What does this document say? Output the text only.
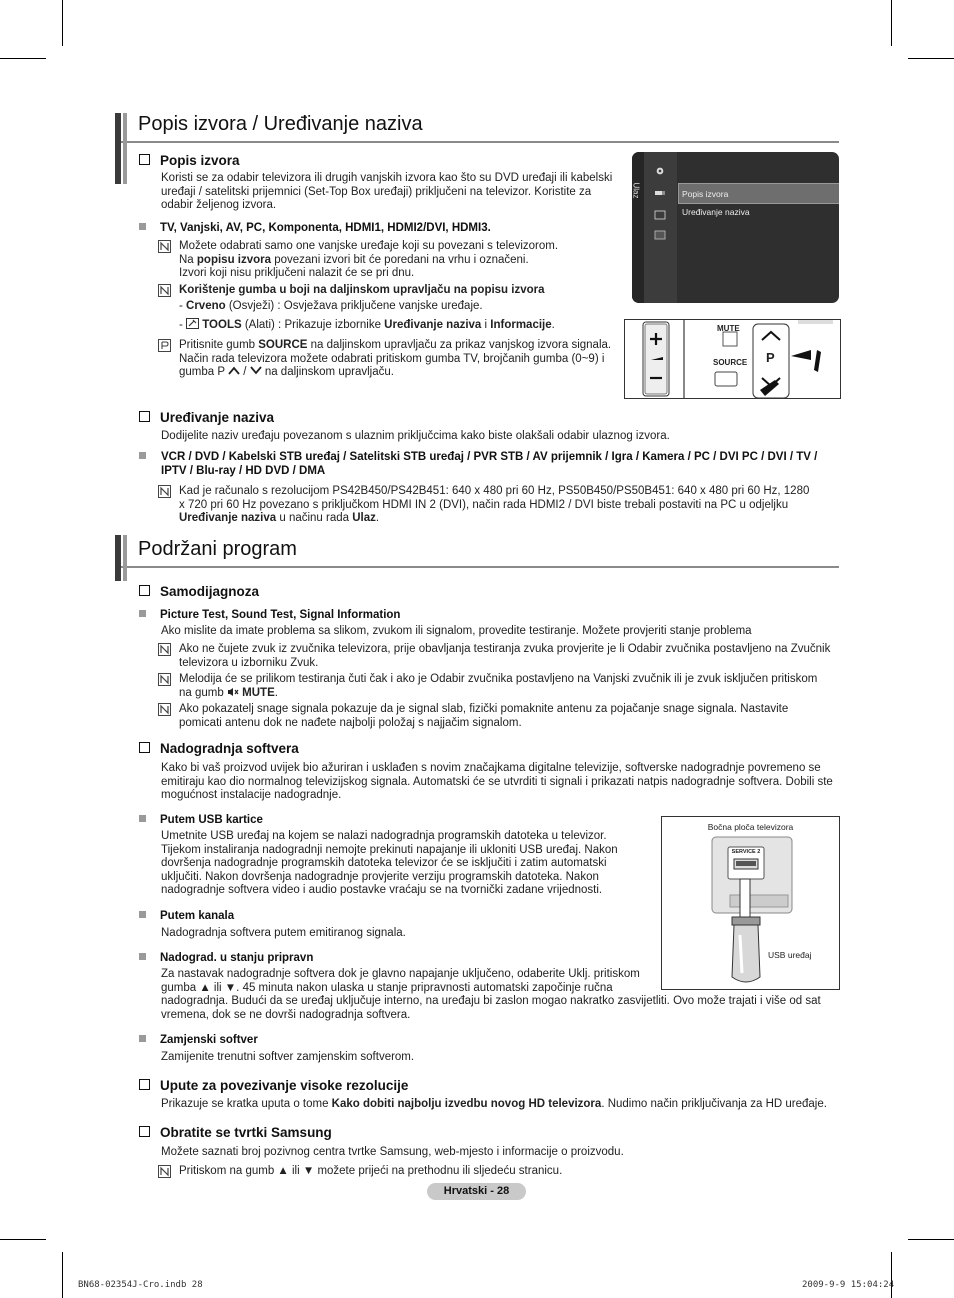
Popis izvora / Uređivanje naziva
Popis izvora
Koristi se za odabir televizora ili drugih vanjskih izvora kao što su DVD uređaji ili kabelski uređaji / satelitski prijemnici (Set-Top Box uređaji) priključeni na televizor. Koristite za odabir željenog izvora.
TV, Vanjski, AV, PC, Komponenta, HDMI1, HDMI2/DVI, HDMI3.
Možete odabrati samo one vanjske uređaje koji su povezani s televizorom.
Na popisu izvora povezani izvori bit će poredani na vrhu i označeni.
Izvori koji nisu priključeni nalazit će se pri dnu.
Korištenje gumba u boji na daljinskom upravljaču na popisu izvora
- Crveno (Osvježi) : Osvježava priključene vanjske uređaje.
-  TOOLS (Alati) : Prikazuje izbornike Uređivanje naziva i Informacije.
Pritisnite gumb SOURCE na daljinskom upravljaču za prikaz vanjskog izvora signala.
Način rada televizora možete odabrati pritiskom gumba TV, brojčanih gumba (0~9) i gumba P  /  na daljinskom upravljaču.
Ulaz	Popis izvora
Uređivanje naziva
MUTE
SOURCE P
Uređivanje naziva
Dodijelite naziv uređaju povezanom s ulaznim priključcima kako biste olakšali odabir ulaznog izvora.
VCR / DVD / Kabelski STB uređaj / Satelitski STB uređaj / PVR STB / AV prijemnik / Igra / Kamera / PC / DVI PC / DVI / TV / IPTV / Blu-ray / HD DVD / DMA
Kad je računalo s rezolucijom PS42B450/PS42B451: 640 x 480 pri 60 Hz, PS50B450/PS50B451: 640 x 480 pri 60 Hz, 1280
x 720 pri 60 Hz povezano s priključkom HDMI IN 2 (DVI), način rada HDMI2 / DVI biste trebali postaviti na PC u odjeljku
Uređivanje naziva u načinu rada Ulaz.
Podržani program
Samodijagnoza
Picture Test, Sound Test, Signal Information
Ako mislite da imate problema sa slikom, zvukom ili signalom, provedite testiranje. Možete provjeriti stanje problema
Ako ne čujete zvuk iz zvučnika televizora, prije obavljanja testiranja zvuka provjerite je li Odabir zvučnika postavljeno na Zvučnik
televizora u izborniku Zvuk.
Melodija će se prilikom testiranja čuti čak i ako je Odabir zvučnika postavljeno na Vanjski zvučnik ili je zvuk isključen pritiskom
na gumb  MUTE.
Ako pokazatelj snage signala pokazuje da je signal slab, fizički pomaknite antenu za pojačanje snage signala. Nastavite
pomicati antenu dok ne nađete najbolji položaj s najjačim signalom.
Nadogradnja softvera
Kako bi vaš proizvod uvijek bio ažuriran i usklađen s novim značajkama digitalne televizije, softverske nadogradnje povremeno se emitiraju kao dio normalnog televizijskog signala. Automatski će se utvrditi ti signali i prikazati natpis nadogradnje softvera. Dobili ste mogućnost instalacije nadogradnje.
Putem USB kartice
Umetnite USB uređaj na kojem se nalazi nadogradnja programskih datoteka u televizor. Tijekom instaliranja nadogradnji nemojte prekinuti napajanje ili ukloniti USB uređaj. Nakon dovršenja nadogradnje programskih datoteka televizor će se isključiti i zatim automatski uključiti. Nakon dovršenja nadogradnje provjerite verziju programskih datoteka. Nakon nadogradnje softvera video i audio postavke vraćaju se na tvornički zadane vrijednosti.
Putem kanala
Nadogradnja softvera putem emitiranog signala.
Nadograd. u stanju pripravn
Za nastavak nadogradnje softvera dok je glavno napajanje uključeno, odaberite Uklj. pritiskom
gumba ▲ ili ▼. 45 minuta nakon ulaska u stanje pripravnosti automatski započinje ručna
nadogradnja. Budući da se uređaj uključuje interno, na uređaju bi zaslon mogao nakratko zasvijetliti. Ovo može trajati i više od sat vremena, dok se ne dovrši nadogradnja softvera.
Zamjenski softver
Zamijenite trenutni softver zamjenskim softverom.
Bočna ploča televizora
SERVICE 2
USB uređaj
Upute za povezivanje visoke rezolucije
Prikazuje se kratka uputa o tome Kako dobiti najbolju izvedbu novog HD televizora. Nudimo način priključivanja za HD uređaje.
Obratite se tvrtki Samsung
Možete saznati broj pozivnog centra tvrtke Samsung, web-mjesto i informacije o proizvodu.
Pritiskom na gumb ▲ ili ▼ možete prijeći na prethodnu ili sljedeću stranicu.
Hrvatski - 28
BN68-02354J-Cro.indb 28	2009-9-9 15:04:24
